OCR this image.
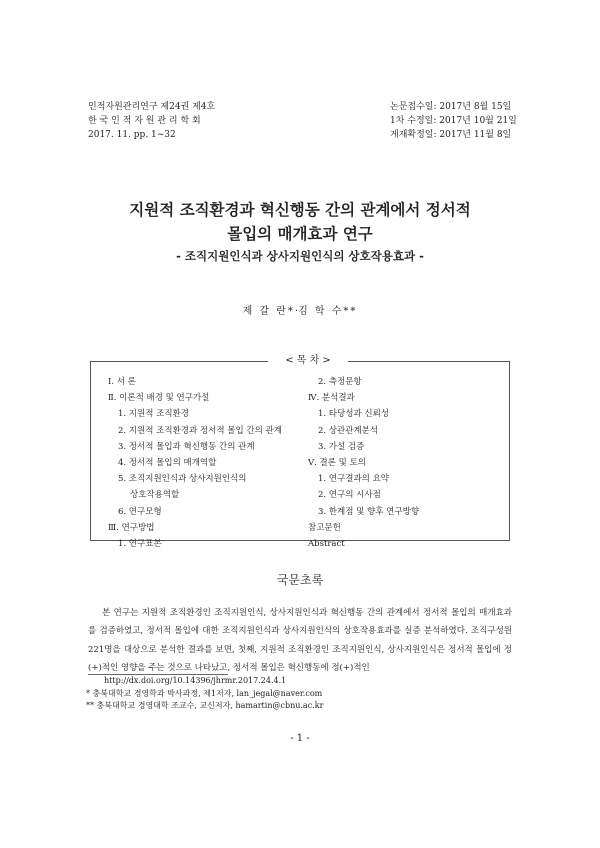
인적자원관리연구 제24권 제4호
한 국 인 적 자 원 관 리 학 회
2017. 11. pp. 1~32
논문접수일: 2017년 8월 15일
1차 수정일: 2017년 10월 21일
게재확정일: 2017년 11월 8일
지원적 조직환경과 혁신행동 간의 관계에서 정서적
몰입의 매개효과 연구
- 조직지원인식과 상사지원인식의 상호작용효과 -
제 갈 란*·김 학 수**
< 목 차 >
Ⅰ. 서 론
Ⅱ. 이론적 배경 및 연구가설
1. 지원적 조직환경
2. 지원적 조직환경과 정서적 몰입 간의 관계
3. 정서적 몰입과 혁신행동 간의 관계
4. 정서적 몰입의 매개역할
5. 조직지원인식과 상사지원인식의
상호작용역할
6. 연구모형
Ⅲ. 연구방법
1. 연구표본
2. 측정문항
Ⅳ. 분석결과
1. 타당성과 신뢰성
2. 상관관계분석
3. 가설 검증
Ⅴ. 결론 및 토의
1. 연구결과의 요약
2. 연구의 시사점
3. 한계점 및 향후 연구방향
참고문헌
Abstract
국문초록

본 연구는 지원적 조직환경인 조직지원인식, 상사지원인식과 혁신행동 간의 관계에서 정서적 몰입의 매개효과를 검증하였고, 정서적 몰입에 대한 조직지원인식과 상사지원인식의 상호작용효과를 실증 분석하였다. 조직구성원 221명을 대상으로 분석한 결과를 보면, 첫째, 지원적 조직환경인 조직지원인식, 상사지원인식은 정서적 몰입에 정(+)적인 영향을 주는 것으로 나타났고, 정서적 몰입은 혁신행동에 정(+)적인

http://dx.doi.org/10.14396/jhrmr.2017.24.4.1
* 충북대학교 경영학과 박사과정, 제1저자, lan_jegal@naver.com
** 충북대학교 경영대학 조교수, 교신저자, hamartin@cbnu.ac.kr
- 1 -
